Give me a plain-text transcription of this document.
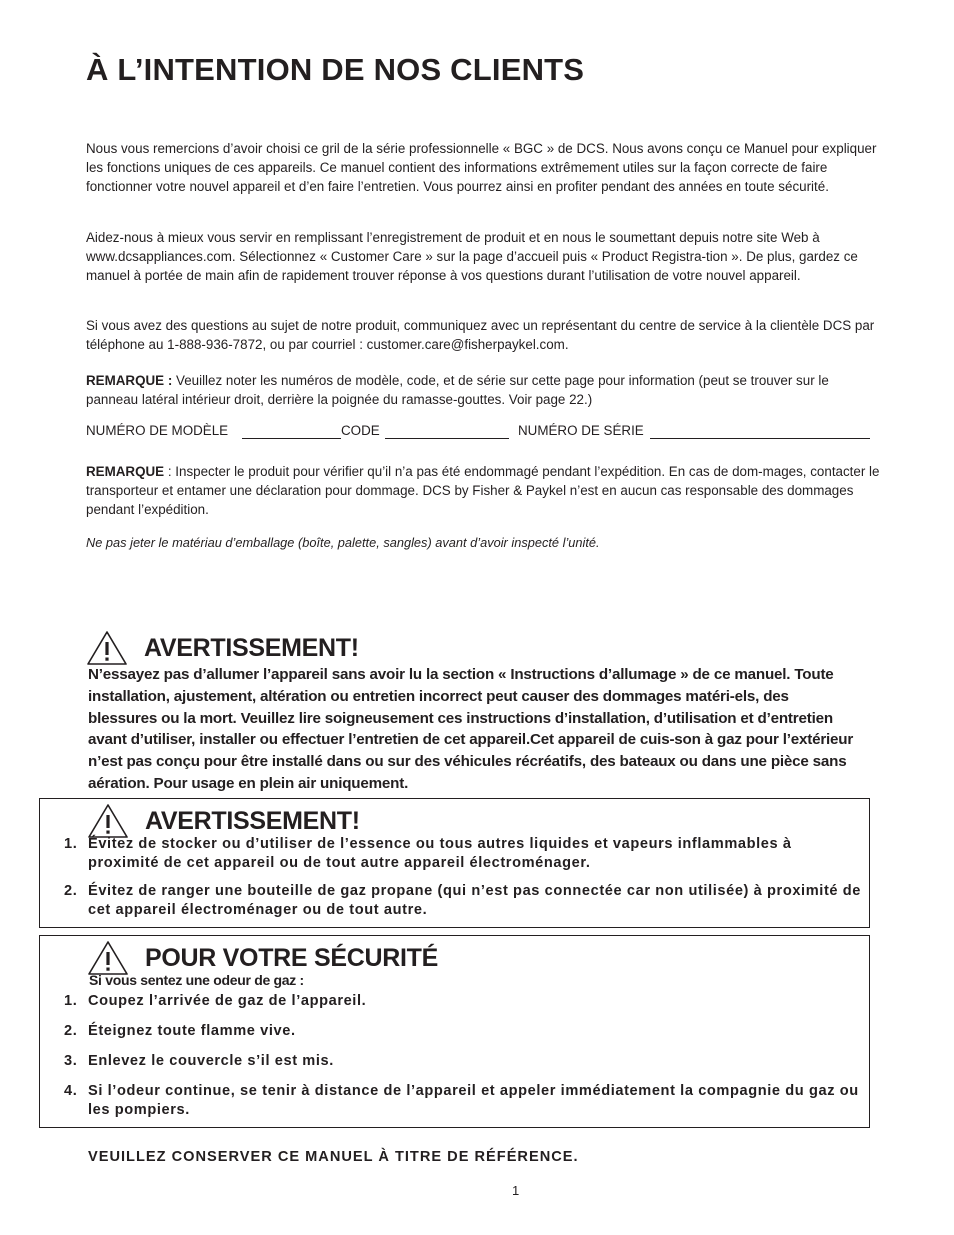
À L’INTENTION DE NOS CLIENTS

Nous vous remercions d’avoir choisi ce gril de la série professionnelle « BGC » de DCS. Nous avons conçu ce Manuel pour expliquer les fonctions uniques de ces appareils. Ce manuel contient des informations extrêmement utiles sur la façon correcte de faire fonctionner votre nouvel appareil et d’en faire l’entretien. Vous pourrez ainsi en profiter pendant des années en toute sécurité.

Aidez-nous à mieux vous servir en remplissant l’enregistrement de produit et en nous le soumettant depuis notre site Web à www.dcsappliances.com. Sélectionnez « Customer Care » sur la page d’accueil puis « Product Registra-tion ». De plus, gardez ce manuel à portée de main afin de rapidement trouver réponse à vos questions durant l’utilisation de votre nouvel appareil.

Si vous avez des questions au sujet de notre produit, communiquez avec un représentant du centre de service à la clientèle DCS par téléphone au 1-888-936-7872, ou par courriel : customer.care@fisherpaykel.com.

REMARQUE : Veuillez noter les numéros de modèle, code, et de série sur cette page pour information (peut se trouver sur le panneau latéral intérieur droit, derrière la poignée du ramasse-gouttes. Voir page 22.)

NUMÉRO DE MODÈLE	CODE	NUMÉRO DE SÉRIE

REMARQUE : Inspecter le produit pour vérifier qu’il n’a pas été endommagé pendant l’expédition. En cas de dom-mages, contacter le transporteur et entamer une déclaration pour dommage. DCS by Fisher & Paykel n’est en aucun cas responsable des dommages pendant l’expédition.

Ne pas jeter le matériau d’emballage (boîte, palette, sangles) avant d’avoir inspecté l’unité.

AVERTISSEMENT!

N’essayez pas d’allumer l’appareil sans avoir lu la section « Instructions d’allumage » de ce manuel. Toute installation, ajustement, altération ou entretien incorrect peut causer des dommages matéri-els, des blessures ou la mort. Veuillez lire soigneusement ces instructions d’installation, d’utilisation et d’entretien avant d’utiliser, installer ou effectuer l’entretien de cet appareil.Cet appareil de cuis-son à gaz pour l’extérieur n’est pas conçu pour être installé dans ou sur des véhicules récréatifs, des bateaux ou dans une pièce sans aération. Pour usage en plein air uniquement.

AVERTISSEMENT!
1. Évitez de stocker ou d’utiliser de l’essence ou tous autres liquides et vapeurs inflammables à proximité de cet appareil ou de tout autre appareil électroménager.
2. Évitez de ranger une bouteille de gaz propane (qui n’est pas connectée car non utilisée) à proximité de cet appareil électroménager ou de tout autre.
POUR VOTRE SÉCURITÉ

Si vous sentez une odeur de gaz :

1. Coupez l’arrivée de gaz de l’appareil.
2. Éteignez toute flamme vive.
3. Enlevez le couvercle s’il est mis.
4. Si l’odeur continue, se tenir à distance de l’appareil et appeler immédiatement la compagnie du gaz ou les pompiers.

VEUILLEZ CONSERVER CE MANUEL À TITRE DE RÉFÉRENCE.

1
